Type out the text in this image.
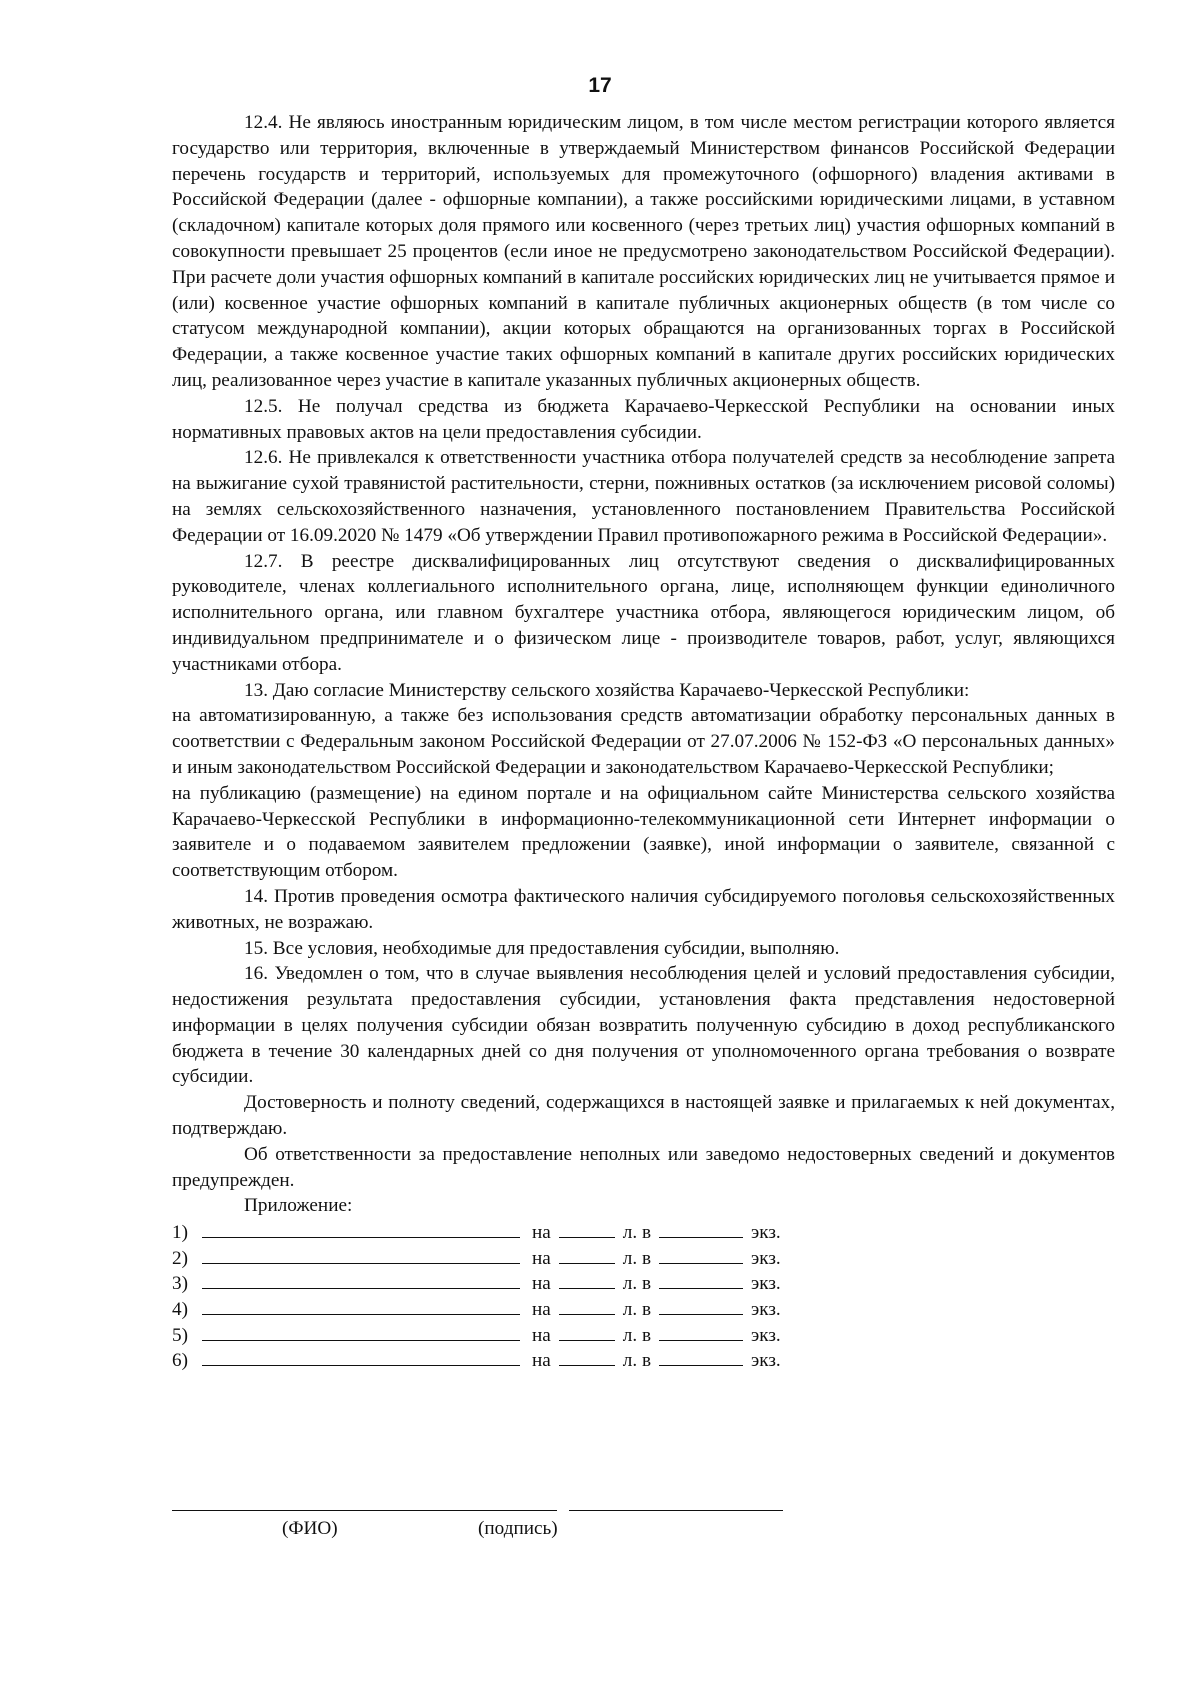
17

12.4. Не являюсь иностранным юридическим лицом, в том числе местом регистрации которого является государство или территория, включенные в утверждаемый Министерством финансов Российской Федерации перечень государств и территорий, используемых для промежуточного (офшорного) владения активами в Российской Федерации (далее - офшорные компании), а также российскими юридическими лицами, в уставном (складочном) капитале которых доля прямого или косвенного (через третьих лиц) участия офшорных компаний в совокупности превышает 25 процентов (если иное не предусмотрено законодательством Российской Федерации). При расчете доли участия офшорных компаний в капитале российских юридических лиц не учитывается прямое и (или) косвенное участие офшорных компаний в капитале публичных акционерных обществ (в том числе со статусом международной компании), акции которых обращаются на организованных торгах в Российской Федерации, а также косвенное участие таких офшорных компаний в капитале других российских юридических лиц, реализованное через участие в капитале указанных публичных акционерных обществ.

12.5. Не получал средства из бюджета Карачаево-Черкесской Республики на основании иных нормативных правовых актов на цели предоставления субсидии.

12.6. Не привлекался к ответственности участника отбора получателей средств за несоблюдение запрета на выжигание сухой травянистой растительности, стерни, пожнивных остатков (за исключением рисовой соломы) на землях сельскохозяйственного назначения, установленного постановлением Правительства Российской Федерации от 16.09.2020 № 1479 «Об утверждении Правил противопожарного режима в Российской Федерации».

12.7. В реестре дисквалифицированных лиц отсутствуют сведения о дисквалифицированных руководителе, членах коллегиального исполнительного органа, лице, исполняющем функции единоличного исполнительного органа, или главном бухгалтере участника отбора, являющегося юридическим лицом, об индивидуальном предпринимателе и о физическом лице - производителе товаров, работ, услуг, являющихся участниками отбора.

13. Даю согласие Министерству сельского хозяйства Карачаево-Черкесской Республики:

на автоматизированную, а также без использования средств автоматизации обработку персональных данных в соответствии с Федеральным законом Российской Федерации от 27.07.2006 № 152-ФЗ «О персональных данных» и иным законодательством Российской Федерации и законодательством Карачаево-Черкесской Республики;

на публикацию (размещение) на едином портале и на официальном сайте Министерства сельского хозяйства Карачаево-Черкесской Республики в информационно-телекоммуникационной сети Интернет информации о заявителе и о подаваемом заявителем предложении (заявке), иной информации о заявителе, связанной с соответствующим отбором.

14. Против проведения осмотра фактического наличия субсидируемого поголовья сельскохозяйственных животных, не возражаю.

15. Все условия, необходимые для предоставления субсидии, выполняю.

16. Уведомлен о том, что в случае выявления несоблюдения целей и условий предоставления субсидии, недостижения результата предоставления субсидии, установления факта представления недостоверной информации в целях получения субсидии обязан возвратить полученную субсидию в доход республиканского бюджета в течение 30 календарных дней со дня получения от уполномоченного органа требования о возврате субсидии.

Достоверность и полноту сведений, содержащихся в настоящей заявке и прилагаемых к ней документах, подтверждаю.

Об ответственности за предоставление неполных или заведомо недостоверных сведений и документов предупрежден.

Приложение:

1)	на	л. в	экз.
2)	на	л. в	экз.
3)	на	л. в	экз.
4)	на	л. в	экз.
5)	на	л. в	экз.
6)	на	л. в	экз.
(ФИО)	(подпись)
